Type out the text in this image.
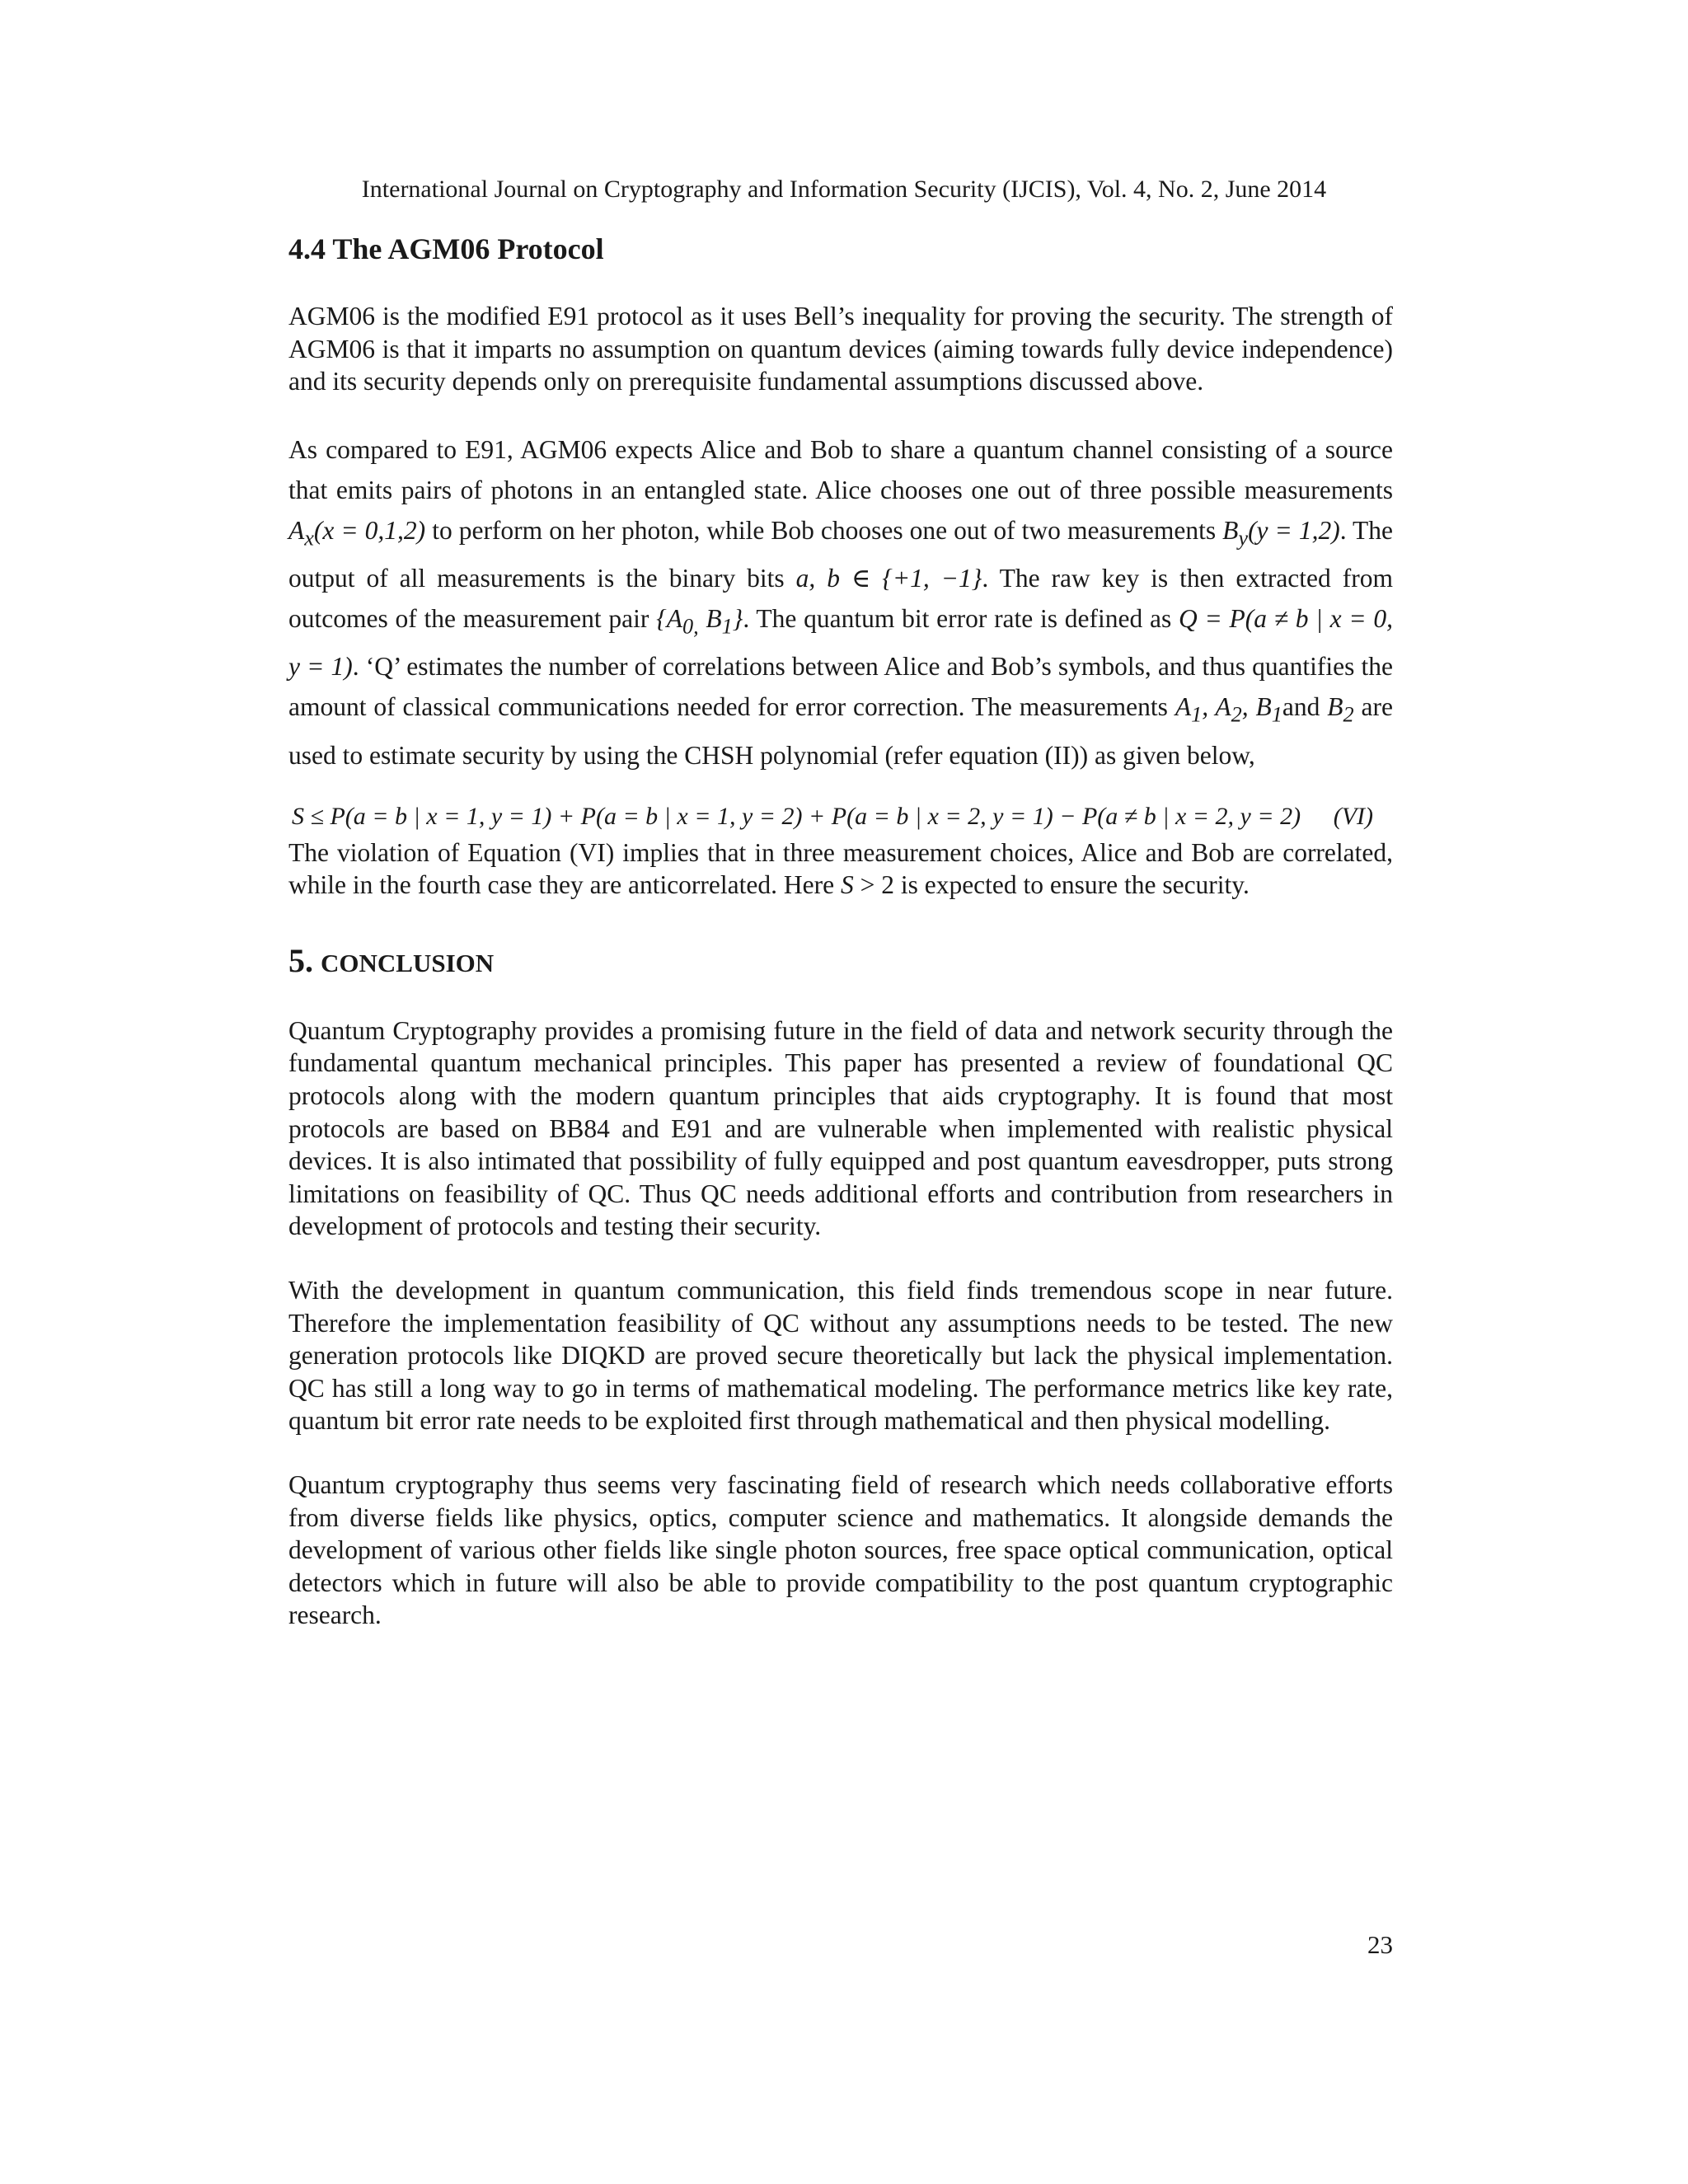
International Journal on Cryptography and Information Security (IJCIS), Vol. 4, No. 2, June 2014
4.4 The AGM06 Protocol

AGM06 is the modified E91 protocol as it uses Bell’s inequality for proving the security. The strength of AGM06 is that it imparts no assumption on quantum devices (aiming towards fully device independence) and its security depends only on prerequisite fundamental assumptions discussed above.

As compared to E91, AGM06 expects Alice and Bob to share a quantum channel consisting of a source that emits pairs of photons in an entangled state. Alice chooses one out of three possible measurements $A_x(x = 0,1,2)$ to perform on her photon, while Bob chooses one out of two measurements $B_y(y = 1,2)$. The output of all measurements is the binary bits a, b ∈ {+1, −1}. The raw key is then extracted from outcomes of the measurement pair {$A_{0,}$ $B_1$}. The quantum bit error rate is defined as Q = P(a ≠ b | x = 0, y = 1). ‘Q’ estimates the number of correlations between Alice and Bob’s symbols, and thus quantifies the amount of classical communications needed for error correction. The measurements $A_1$, $A_2$, $B_1and$ $B_2$ are used to estimate security by using the CHSH polynomial (refer equation (II)) as given below,

S ≤ P(a = b | x = 1, y = 1) + P(a = b | x = 1, y = 2) + P(a = b | x = 2, y = 1) − P(a ≠ b | x = 2, y = 2) (VI)

The violation of Equation (VI) implies that in three measurement choices, Alice and Bob are correlated, while in the fourth case they are anticorrelated. Here S > 2 is expected to ensure the security.

5. CONCLUSION

Quantum Cryptography provides a promising future in the field of data and network security through the fundamental quantum mechanical principles. This paper has presented a review of foundational QC protocols along with the modern quantum principles that aids cryptography. It is found that most protocols are based on BB84 and E91 and are vulnerable when implemented with realistic physical devices. It is also intimated that possibility of fully equipped and post quantum eavesdropper, puts strong limitations on feasibility of QC. Thus QC needs additional efforts and contribution from researchers in development of protocols and testing their security.

With the development in quantum communication, this field finds tremendous scope in near future. Therefore the implementation feasibility of QC without any assumptions needs to be tested. The new generation protocols like DIQKD are proved secure theoretically but lack the physical implementation. QC has still a long way to go in terms of mathematical modeling. The performance metrics like key rate, quantum bit error rate needs to be exploited first through mathematical and then physical modelling.

Quantum cryptography thus seems very fascinating field of research which needs collaborative efforts from diverse fields like physics, optics, computer science and mathematics. It alongside demands the development of various other fields like single photon sources, free space optical communication, optical detectors which in future will also be able to provide compatibility to the post quantum cryptographic research.

23
